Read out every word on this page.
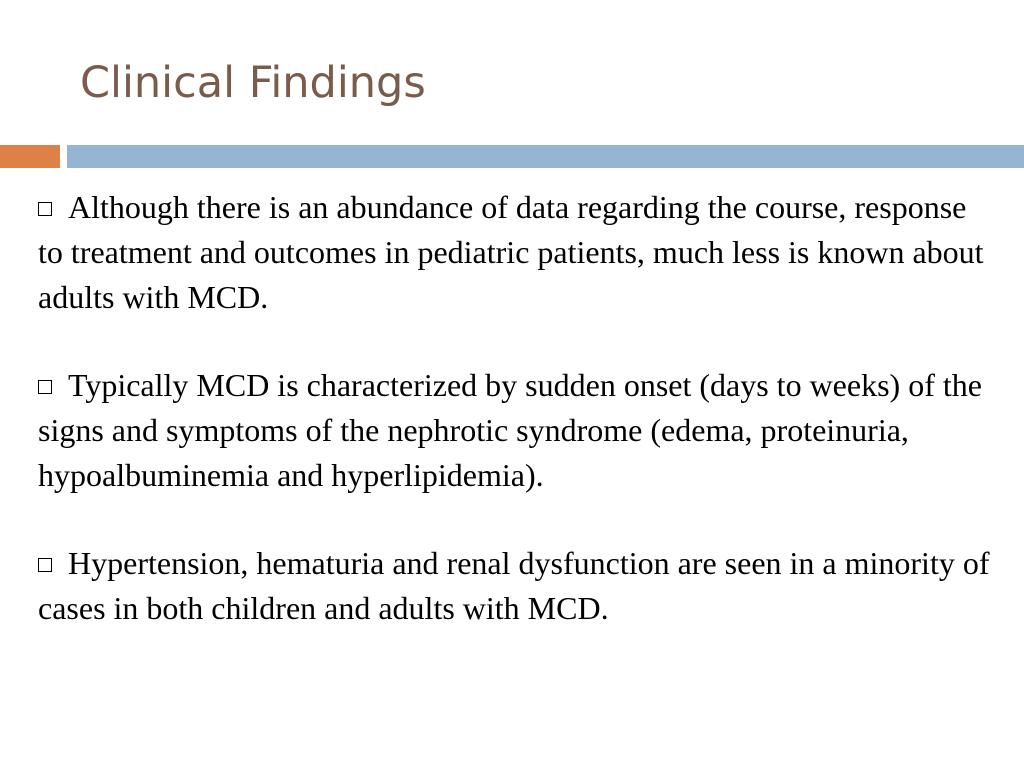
Clinical Findings

Although there is an abundance of data regarding the course, response to treatment and outcomes in pediatric patients, much less is known about adults with MCD.

Typically MCD is characterized by sudden onset (days to weeks) of the signs and symptoms of the nephrotic syndrome (edema, proteinuria, hypoalbuminemia and hyperlipidemia).

Hypertension, hematuria and renal dysfunction are seen in a minority of cases in both children and adults with MCD.
